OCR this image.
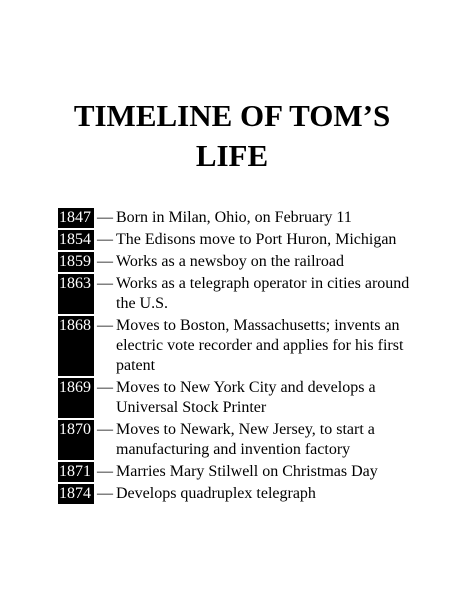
TIMELINE OF TOM’S
LIFE
1847 — Born in Milan, Ohio, on February 11
1854 — The Edisons move to Port Huron, Michigan
1859 — Works as a newsboy on the railroad
1863 — Works as a telegraph operator in cities around the U.S.
1868 — Moves to Boston, Massachusetts; invents an electric vote recorder and applies for his first patent
1869 — Moves to New York City and develops a Universal Stock Printer
1870 — Moves to Newark, New Jersey, to start a manufacturing and invention factory
1871 — Marries Mary Stilwell on Christmas Day
1874 — Develops quadruplex telegraph
